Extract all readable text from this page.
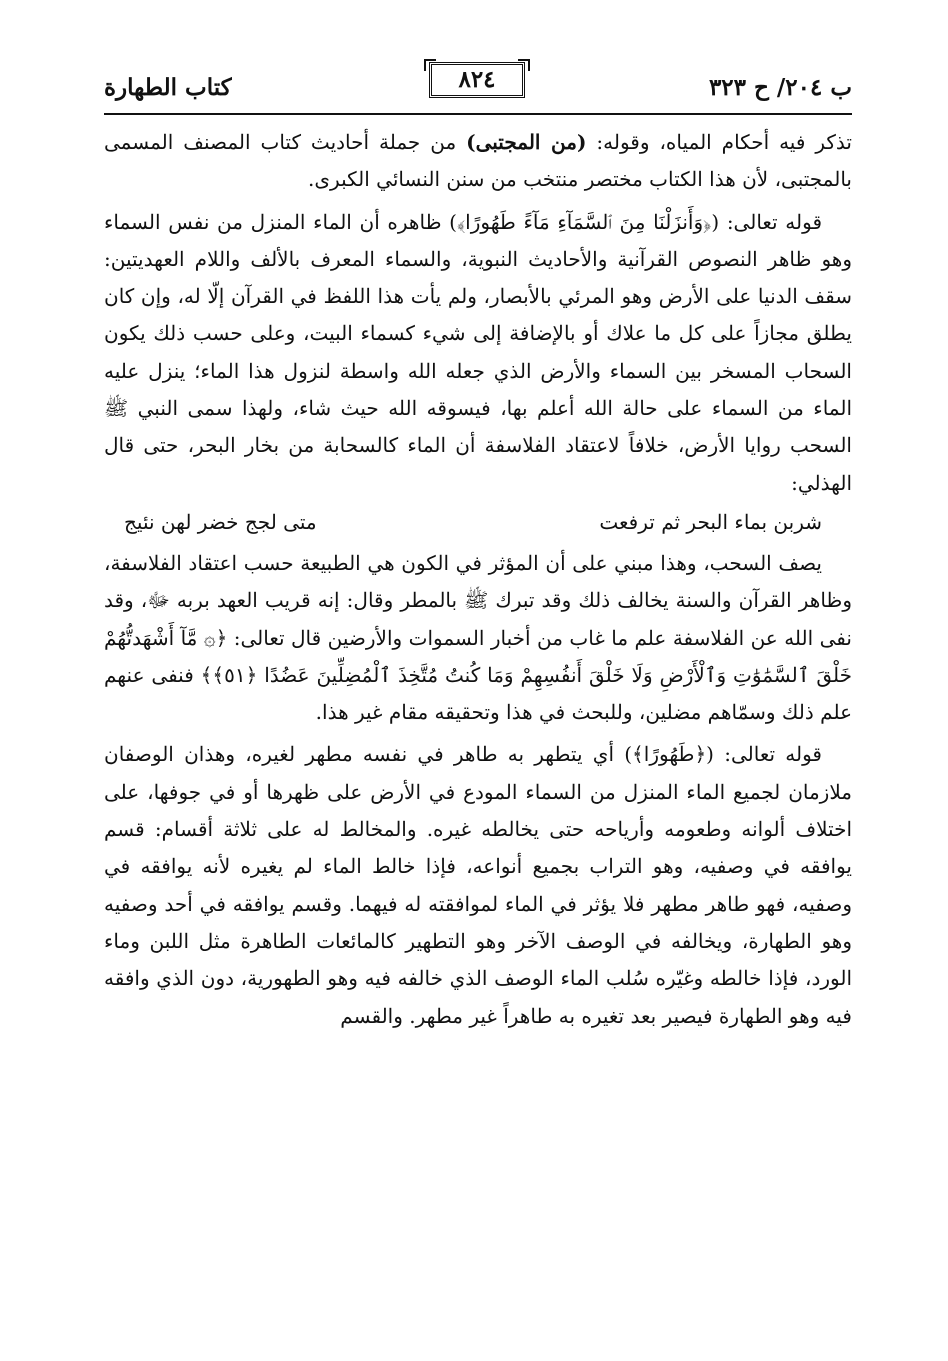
ب ٢٠٤/ ح ٣٢٣
٨٢٤
كتاب الطهارة

تذكر فيه أحكام المياه، وقوله: (من المجتبى) من جملة أحاديث كتاب المصنف المسمى بالمجتبى، لأن هذا الكتاب مختصر منتخب من سنن النسائي الكبرى.

قوله تعالى: (﴿وَأَنزَلْنَا مِنَ ٱلسَّمَآءِ مَآءً طَهُورًا﴾) ظاهره أن الماء المنزل من نفس السماء وهو ظاهر النصوص القرآنية والأحاديث النبوية، والسماء المعرف بالألف واللام العهديتين: سقف الدنيا على الأرض وهو المرئي بالأبصار، ولم يأت هذا اللفظ في القرآن إلّا له، وإن كان يطلق مجازاً على كل ما علاك أو بالإضافة إلى شيء كسماء البيت، وعلى حسب ذلك يكون السحاب المسخر بين السماء والأرض الذي جعله الله واسطة لنزول هذا الماء؛ ينزل عليه الماء من السماء على حالة الله أعلم بها، فيسوقه الله حيث شاء، ولهذا سمى النبي ﷺ السحب روايا الأرض، خلافاً لاعتقاد الفلاسفة أن الماء كالسحابة من بخار البحر، حتى قال الهذلي:

شربن بماء البحر ثم ترفعت
متى لجج خضر لهن نئيج

يصف السحب، وهذا مبني على أن المؤثر في الكون هي الطبيعة حسب اعتقاد الفلاسفة، وظاهر القرآن والسنة يخالف ذلك وقد تبرك ﷺ بالمطر وقال: إنه قريب العهد بربه ﷻ، وقد نفى الله عن الفلاسفة علم ما غاب من أخبار السموات والأرضين قال تعالى: ﴿۞ مَّآ أَشْهَدتُّهُمْ خَلْقَ ٱلسَّمَٰوَٰتِ وَٱلْأَرْضِ وَلَا خَلْقَ أَنفُسِهِمْ وَمَا كُنتُ مُتَّخِذَ ٱلْمُضِلِّينَ عَضُدًا ﴿٥١﴾﴾ فنفى عنهم علم ذلك وسمّاهم مضلين، وللبحث في هذا وتحقيقه مقام غير هذا.

قوله تعالى: (﴿طَهُورًا﴾) أي يتطهر به طاهر في نفسه مطهر لغيره، وهذان الوصفان ملازمان لجميع الماء المنزل من السماء المودع في الأرض على ظهرها أو في جوفها، على اختلاف ألوانه وطعومه وأرياحه حتى يخالطه غيره. والمخالط له على ثلاثة أقسام: قسم يوافقه في وصفيه، وهو التراب بجميع أنواعه، فإذا خالط الماء لم يغيره لأنه يوافقه في وصفيه، فهو طاهر مطهر فلا يؤثر في الماء لموافقته له فيهما. وقسم يوافقه في أحد وصفيه وهو الطهارة، ويخالفه في الوصف الآخر وهو التطهير كالمائعات الطاهرة مثل اللبن وماء الورد، فإذا خالطه وغيّره سُلب الماء الوصف الذي خالفه فيه وهو الطهورية، دون الذي وافقه فيه وهو الطهارة فيصير بعد تغيره به طاهراً غير مطهر. والقسم
